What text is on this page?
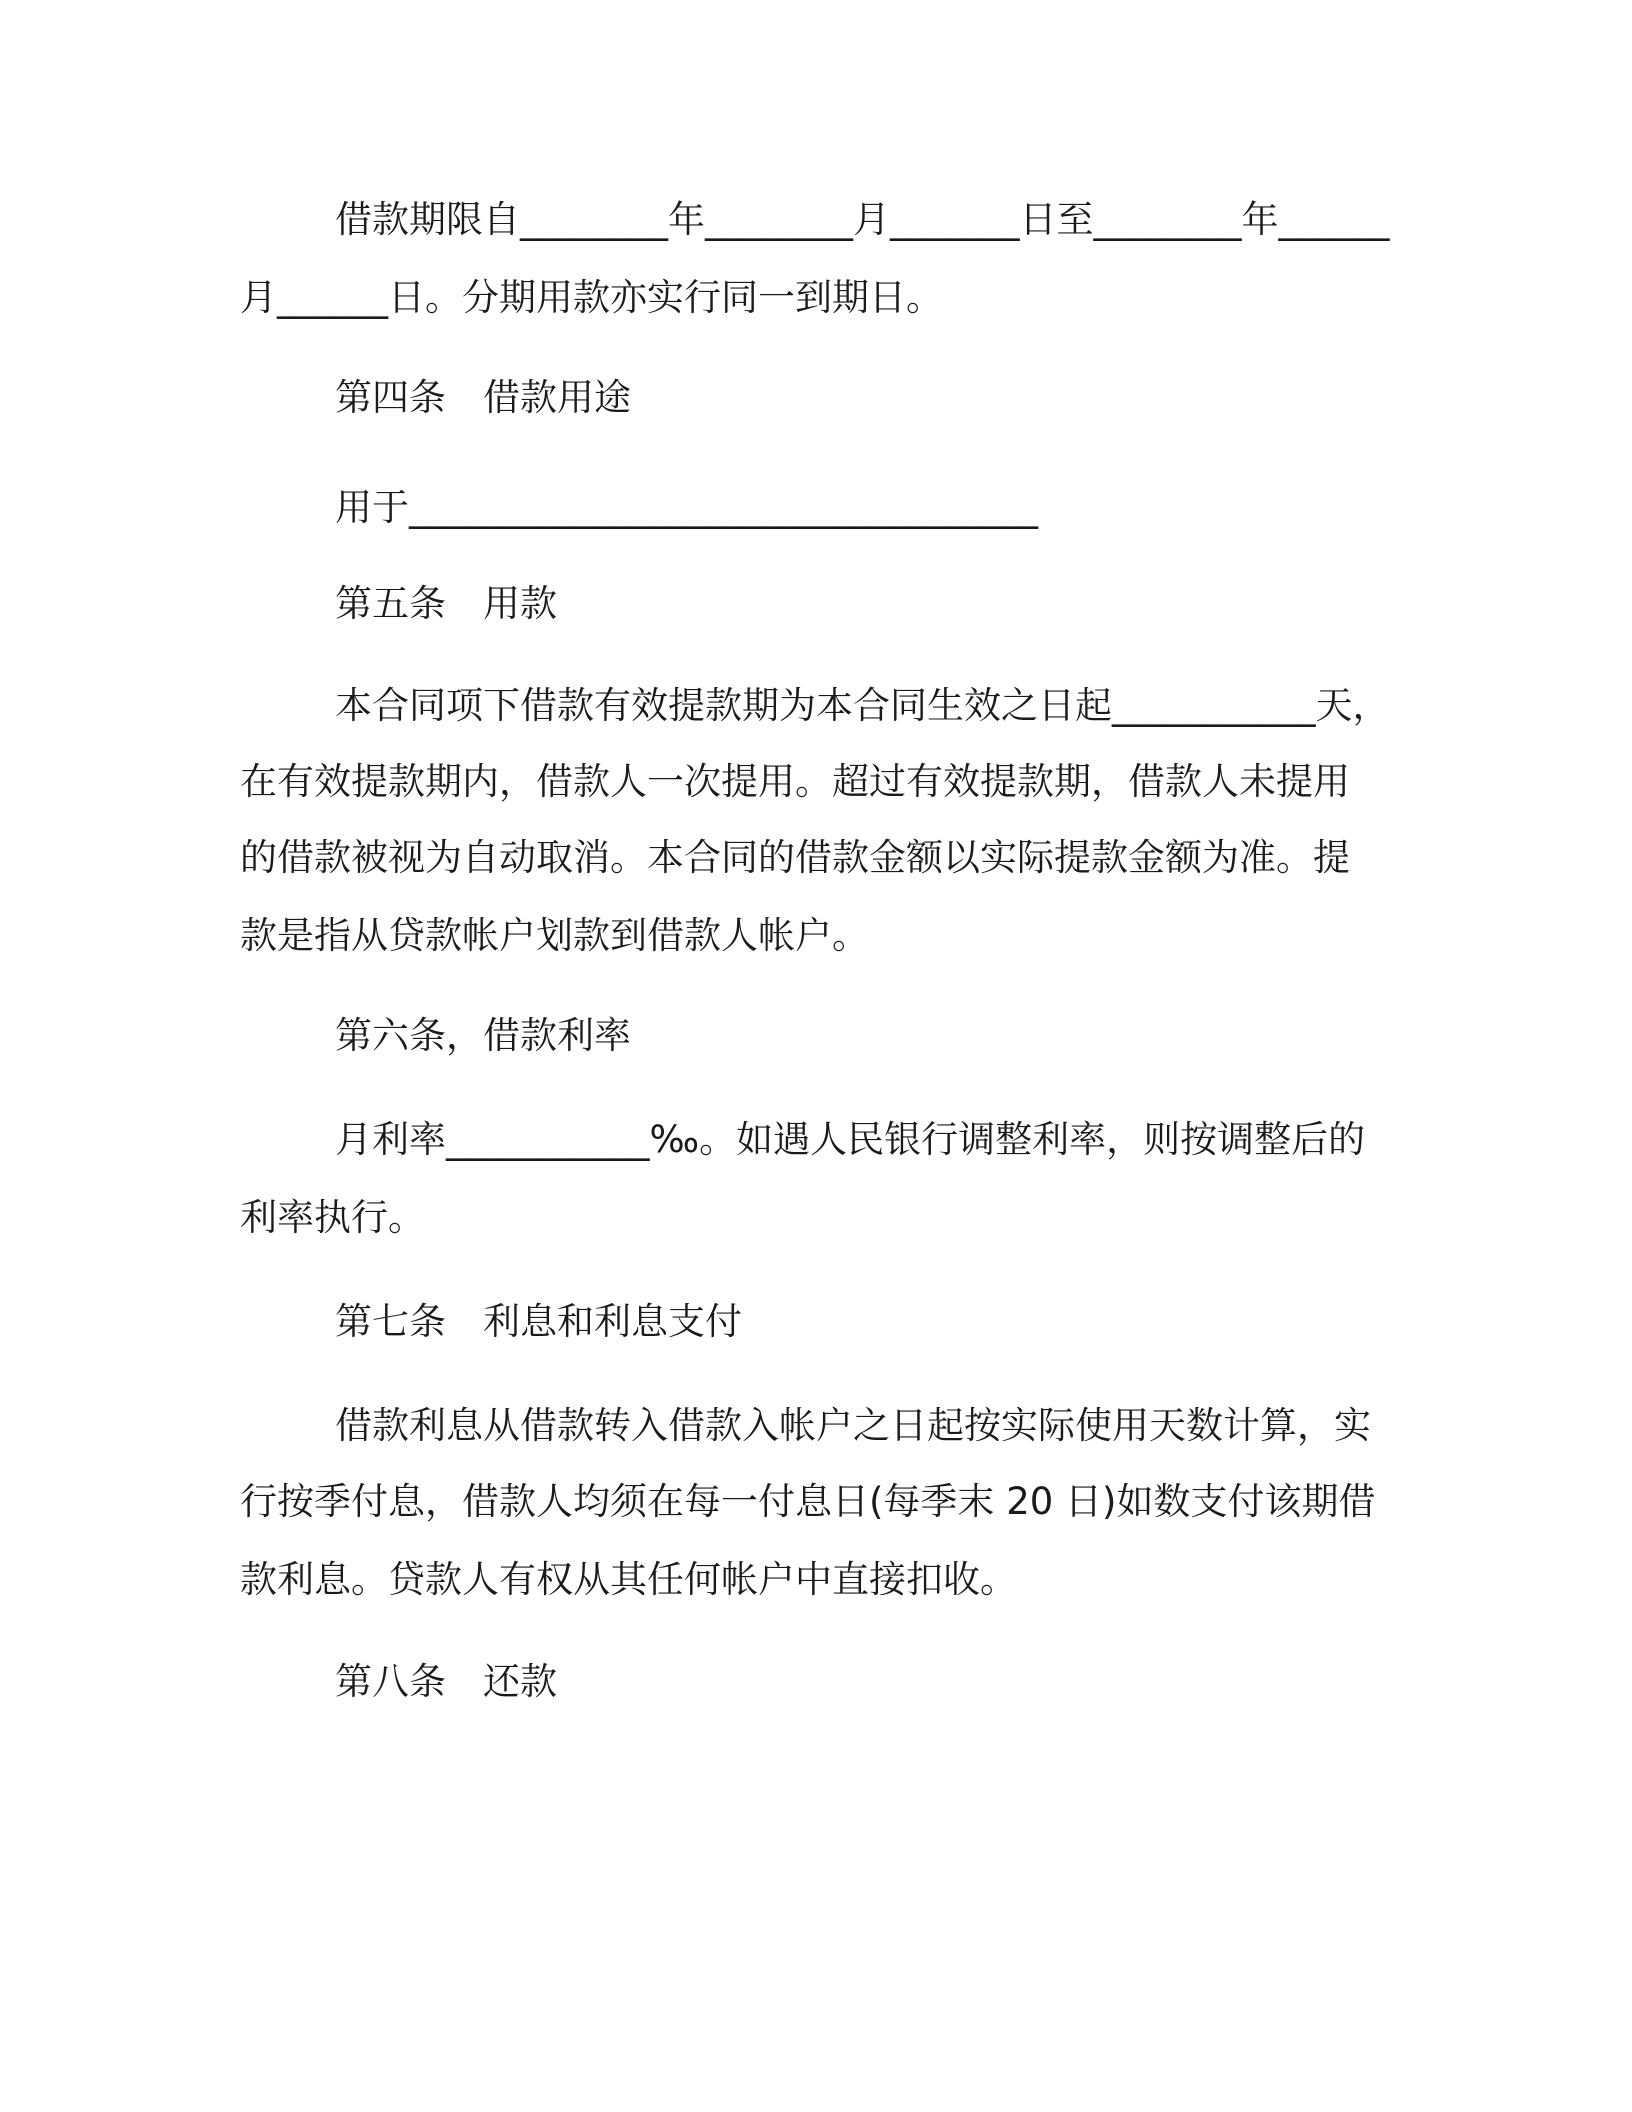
借款期限自________年________月_______日至________年______
月______日。分期用款亦实行同一到期日。
第四条　借款用途
用于__________________________________
第五条　用款
本合同项下借款有效提款期为本合同生效之日起___________天，
在有效提款期内，借款人一次提用。超过有效提款期，借款人未提用
的借款被视为自动取消。本合同的借款金额以实际提款金额为准。提
款是指从贷款帐户划款到借款人帐户。
第六条，借款利率
月利率___________‰。如遇人民银行调整利率，则按调整后的
利率执行。
第七条　利息和利息支付
借款利息从借款转入借款入帐户之日起按实际使用天数计算，实
行按季付息，借款人均须在每一付息日(每季末 20 日)如数支付该期借
款利息。贷款人有权从其任何帐户中直接扣收。
第八条　还款
